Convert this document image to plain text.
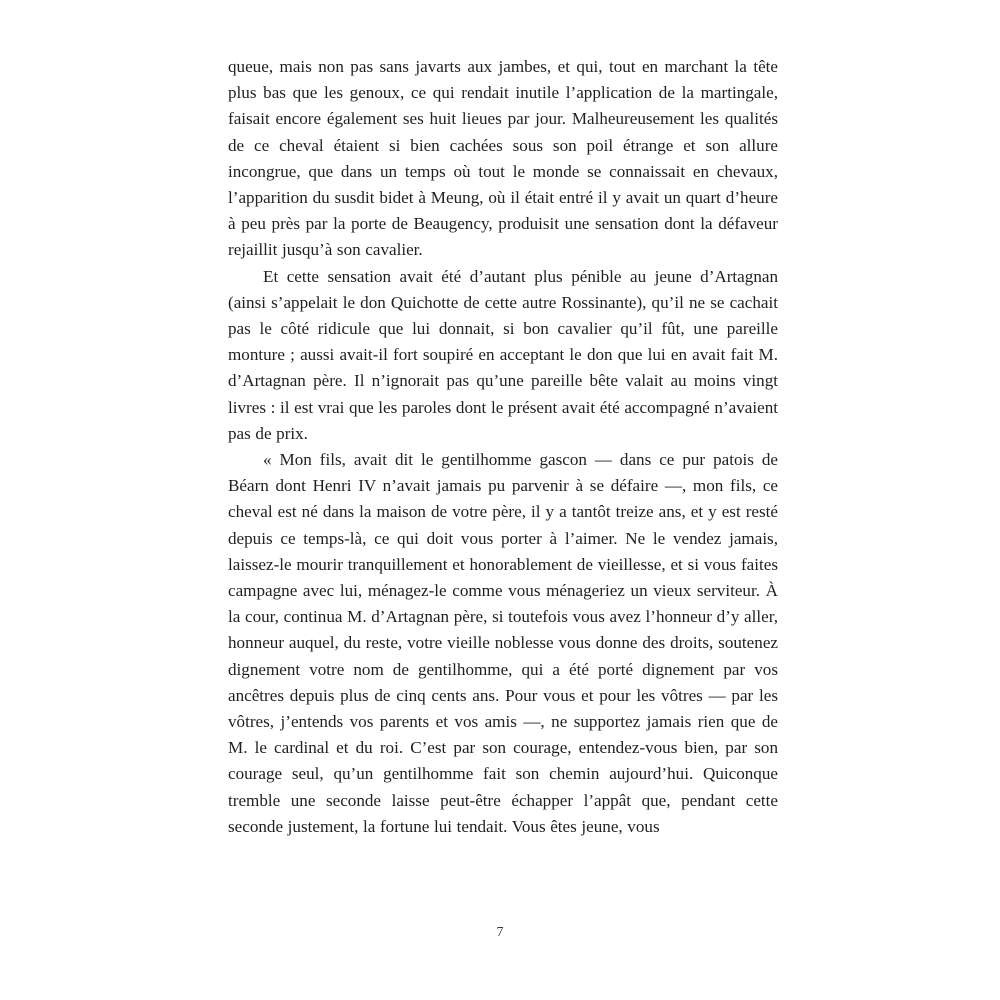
queue, mais non pas sans javarts aux jambes, et qui, tout en marchant la tête plus bas que les genoux, ce qui rendait inutile l’application de la martingale, faisait encore également ses huit lieues par jour. Malheureusement les qualités de ce cheval étaient si bien cachées sous son poil étrange et son allure incongrue, que dans un temps où tout le monde se connaissait en chevaux, l’apparition du susdit bidet à Meung, où il était entré il y avait un quart d’heure à peu près par la porte de Beaugency, produisit une sensation dont la défaveur rejaillit jusqu’à son cavalier.

Et cette sensation avait été d’autant plus pénible au jeune d’Artagnan (ainsi s’appelait le don Quichotte de cette autre Rossinante), qu’il ne se cachait pas le côté ridicule que lui donnait, si bon cavalier qu’il fût, une pareille monture ; aussi avait-il fort soupiré en acceptant le don que lui en avait fait M. d’Artagnan père. Il n’ignorait pas qu’une pareille bête valait au moins vingt livres : il est vrai que les paroles dont le présent avait été accompagné n’avaient pas de prix.

« Mon fils, avait dit le gentilhomme gascon — dans ce pur patois de Béarn dont Henri IV n’avait jamais pu parvenir à se défaire —, mon fils, ce cheval est né dans la maison de votre père, il y a tantôt treize ans, et y est resté depuis ce temps-là, ce qui doit vous porter à l’aimer. Ne le vendez jamais, laissez-le mourir tranquillement et honorablement de vieillesse, et si vous faites campagne avec lui, ménagez-le comme vous ménageriez un vieux serviteur. À la cour, continua M. d’Artagnan père, si toutefois vous avez l’honneur d’y aller, honneur auquel, du reste, votre vieille noblesse vous donne des droits, soutenez dignement votre nom de gentilhomme, qui a été porté dignement par vos ancêtres depuis plus de cinq cents ans. Pour vous et pour les vôtres — par les vôtres, j’entends vos parents et vos amis —, ne supportez jamais rien que de M. le cardinal et du roi. C’est par son courage, entendez-vous bien, par son courage seul, qu’un gentilhomme fait son chemin aujourd’hui. Quiconque tremble une seconde laisse peut-être échapper l’appât que, pendant cette seconde justement, la fortune lui tendait. Vous êtes jeune, vous

7
